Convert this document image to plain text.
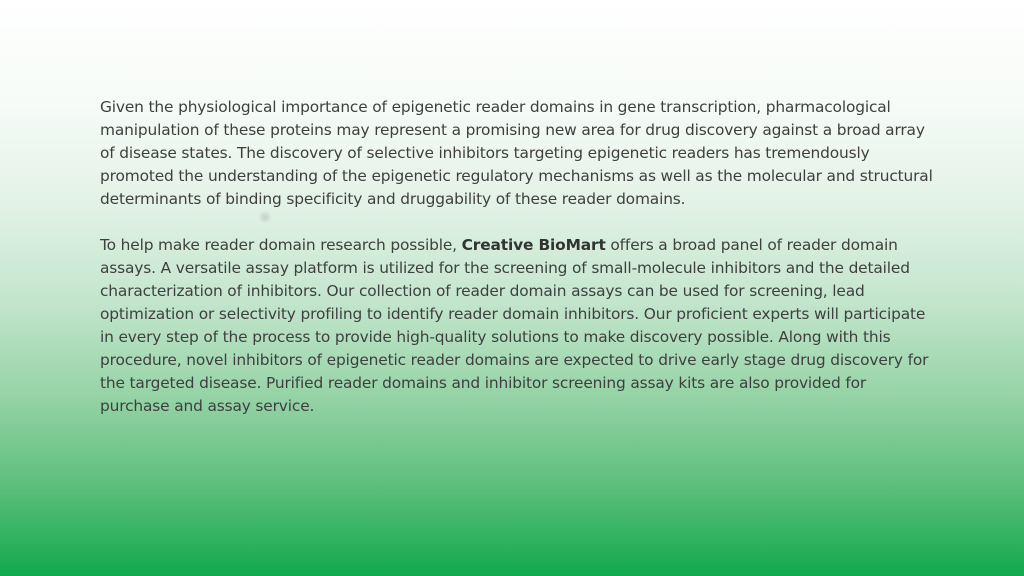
Given the physiological importance of epigenetic reader domains in gene transcription, pharmacological manipulation of these proteins may represent a promising new area for drug discovery against a broad array of disease states. The discovery of selective inhibitors targeting epigenetic readers has tremendously promoted the understanding of the epigenetic regulatory mechanisms as well as the molecular and structural determinants of binding specificity and druggability of these reader domains.

To help make reader domain research possible, Creative BioMart offers a broad panel of reader domain assays. A versatile assay platform is utilized for the screening of small-molecule inhibitors and the detailed characterization of inhibitors. Our collection of reader domain assays can be used for screening, lead optimization or selectivity profiling to identify reader domain inhibitors. Our proficient experts will participate in every step of the process to provide high-quality solutions to make discovery possible. Along with this procedure, novel inhibitors of epigenetic reader domains are expected to drive early stage drug discovery for the targeted disease. Purified reader domains and inhibitor screening assay kits are also provided for purchase and assay service.
